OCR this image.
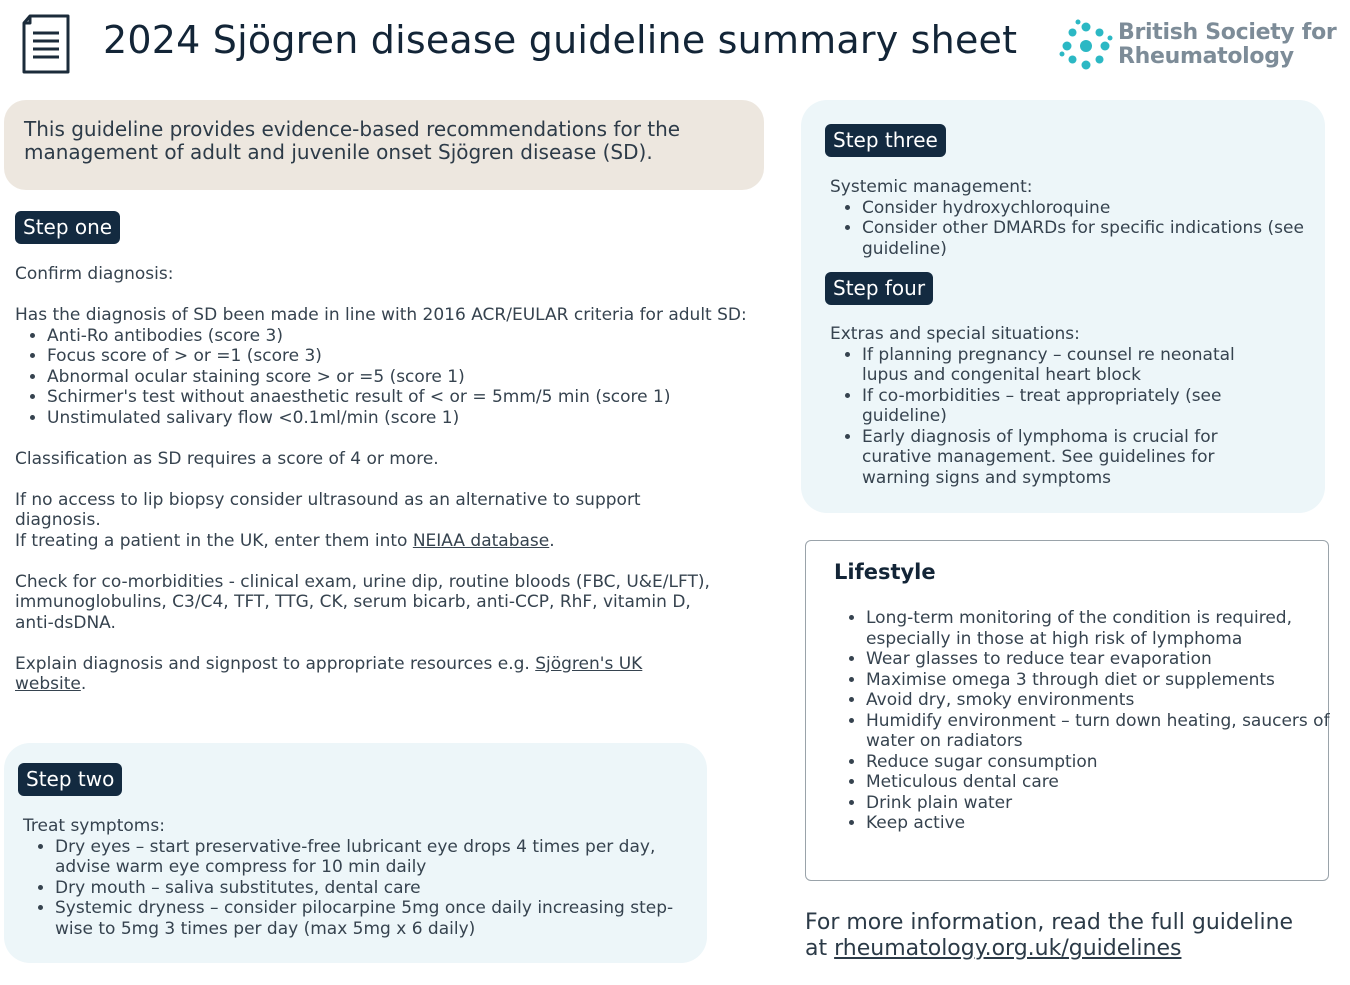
2024 Sjögren disease guideline summary sheet	British Society for
Rheumatology
This guideline provides evidence-based recommendations for the management of adult and juvenile onset Sjögren disease (SD).
Step one

Confirm diagnosis:

Has the diagnosis of SD been made in line with 2016 ACR/EULAR criteria for adult SD:

• Anti-Ro antibodies (score 3)
• Focus score of > or =1 (score 3)
• Abnormal ocular staining score > or =5 (score 1)
• Schirmer's test without anaesthetic result of < or = 5mm/5 min (score 1)
• Unstimulated salivary flow <0.1ml/min (score 1)

Classification as SD requires a score of 4 or more.

If no access to lip biopsy consider ultrasound as an alternative to support diagnosis.

If treating a patient in the UK, enter them into NEIAA database.

Check for co-morbidities - clinical exam, urine dip, routine bloods (FBC, U&E/LFT), immunoglobulins, C3/C4, TFT, TTG, CK, serum bicarb, anti-CCP, RhF, vitamin D, anti-dsDNA.

Explain diagnosis and signpost to appropriate resources e.g. Sjögren's UK website.

Step two

Treat symptoms:

• Dry eyes – start preservative-free lubricant eye drops 4 times per day, advise warm eye compress for 10 min daily
• Dry mouth – saliva substitutes, dental care
• Systemic dryness – consider pilocarpine 5mg once daily increasing step-wise to 5mg 3 times per day (max 5mg x 6 daily)
Step three

Systemic management:

• Consider hydroxychloroquine
• Consider other DMARDs for specific indications (see guideline)
Step four

Extras and special situations:

• If planning pregnancy – counsel re neonatal lupus and congenital heart block
• If co-morbidities – treat appropriately (see guideline)
• Early diagnosis of lymphoma is crucial for curative management. See guidelines for warning signs and symptoms
Lifestyle
• Long-term monitoring of the condition is required, especially in those at high risk of lymphoma
• Wear glasses to reduce tear evaporation
• Maximise omega 3 through diet or supplements
• Avoid dry, smoky environments
• Humidify environment – turn down heating, saucers of water on radiators
• Reduce sugar consumption
• Meticulous dental care
• Drink plain water
• Keep active
For more information, read the full guideline
at rheumatology.org.uk/guidelines
